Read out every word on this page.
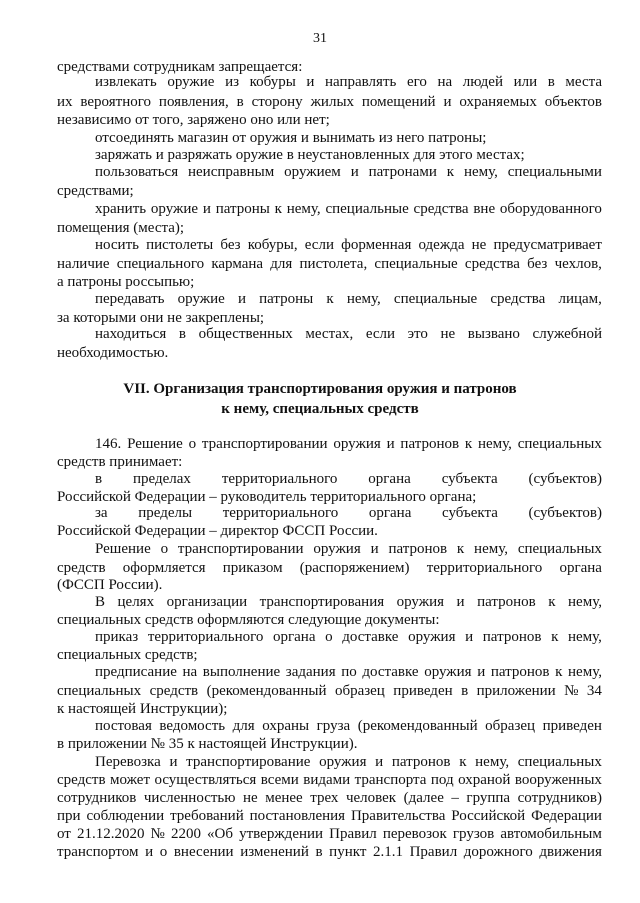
31
средствами сотрудникам запрещается:
извлекать оружие из кобуры и направлять его на людей или в места
их вероятного появления, в сторону жилых помещений и охраняемых объектов
независимо от того, заряжено оно или нет;
отсоединять магазин от оружия и вынимать из него патроны;
заряжать и разряжать оружие в неустановленных для этого местах;
пользоваться неисправным оружием и патронами к нему, специальными
средствами;
хранить оружие и патроны к нему, специальные средства вне оборудованного
помещения (места);
носить пистолеты без кобуры, если форменная одежда не предусматривает
наличие специального кармана для пистолета, специальные средства без чехлов,
а патроны россыпью;
передавать оружие и патроны к нему, специальные средства лицам,
за которыми они не закреплены;
находиться в общественных местах, если это не вызвано служебной
необходимостью.
146. Решение о транспортировании оружия и патронов к нему, специальных
средств принимает:
в пределах территориального органа субъекта (субъектов)
Российской Федерации – руководитель территориального органа;
за пределы территориального органа субъекта (субъектов)
Российской Федерации – директор ФССП России.
Решение о транспортировании оружия и патронов к нему, специальных
средств оформляется приказом (распоряжением) территориального органа
(ФССП России).
В целях организации транспортирования оружия и патронов к нему,
специальных средств оформляются следующие документы:
приказ территориального органа о доставке оружия и патронов к нему,
специальных средств;
предписание на выполнение задания по доставке оружия и патронов к нему,
специальных средств (рекомендованный образец приведен в приложении № 34
к настоящей Инструкции);
постовая ведомость для охраны груза (рекомендованный образец приведен
в приложении № 35 к настоящей Инструкции).
Перевозка и транспортирование оружия и патронов к нему, специальных
средств может осуществляться всеми видами транспорта под охраной вооруженных
сотрудников численностью не менее трех человек (далее – группа сотрудников)
при соблюдении требований постановления Правительства Российской Федерации
от 21.12.2020 № 2200 «Об утверждении Правил перевозок грузов автомобильным
транспортом и о внесении изменений в пункт 2.1.1 Правил дорожного движения
VII. Организация транспортирования оружия и патронов
к нему, специальных средств
